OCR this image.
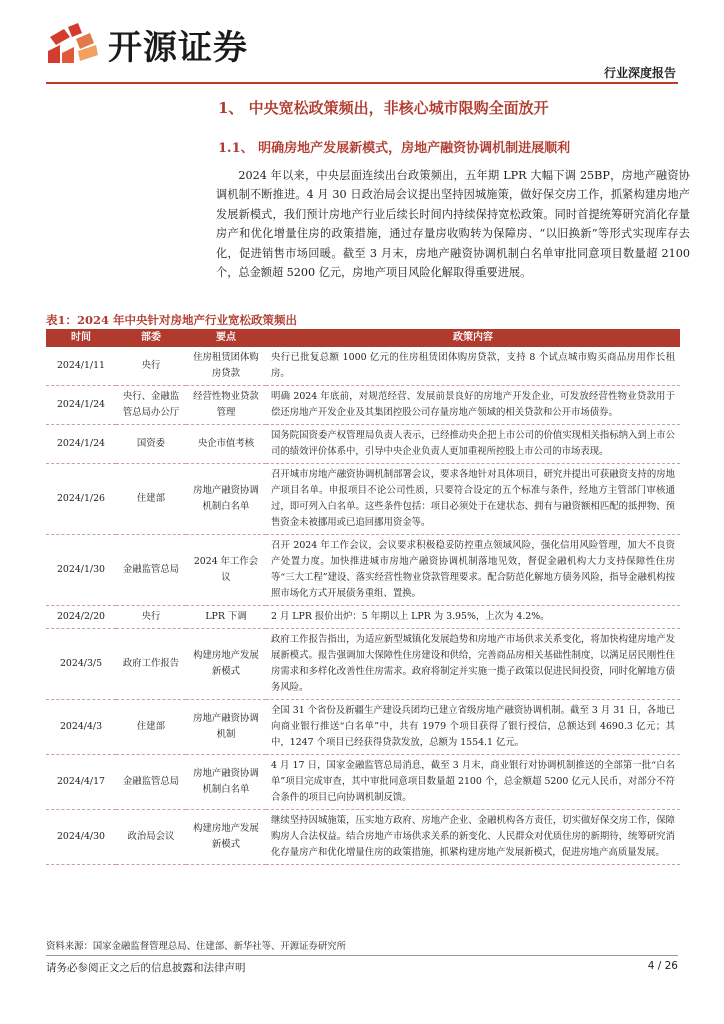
开源证券
行业深度报告
1、 中央宽松政策频出，非核心城市限购全面放开
1.1、 明确房地产发展新模式，房地产融资协调机制进展顺利

2024 年以来，中央层面连续出台政策频出，五年期 LPR 大幅下调 25BP，房地产融资协调机制不断推进。4 月 30 日政治局会议提出坚持因城施策，做好保交房工作，抓紧构建房地产发展新模式，我们预计房地产行业后续长时间内持续保持宽松政策。同时首提统筹研究消化存量房产和优化增量住房的政策措施，通过存量房收购转为保障房、“以旧换新”等形式实现库存去化，促进销售市场回暖。截至 3 月末，房地产融资协调机制白名单审批同意项目数量超 2100 个，总金额超 5200 亿元，房地产项目风险化解取得重要进展。

表1：2024 年中央针对房地产行业宽松政策频出
时间	部委	要点	政策内容
2024/1/11	央行	住房租赁团体购房贷款	央行已批复总额 1000 亿元的住房租赁团体购房贷款，支持 8 个试点城市购买商品房用作长租房。
2024/1/24	央行、金融监管总局办公厅	经营性物业贷款管理	明确 2024 年底前，对规范经营、发展前景良好的房地产开发企业，可发放经营性物业贷款用于偿还房地产开发企业及其集团控股公司存量房地产领域的相关贷款和公开市场债券。
2024/1/24	国资委	央企市值考核	国务院国资委产权管理局负责人表示，已经推动央企把上市公司的价值实现相关指标纳入到上市公司的绩效评价体系中，引导中央企业负责人更加重视所控股上市公司的市场表现。
2024/1/26	住建部	房地产融资协调机制白名单	召开城市房地产融资协调机制部署会议，要求各地针对具体项目，研究并提出可获融资支持的房地产项目名单。申报项目不论公司性质，只要符合设定的五个标准与条件，经地方主管部门审核通过，即可列入白名单。这些条件包括：项目必须处于在建状态、拥有与融资额相匹配的抵押物、预售资金未被挪用或已追回挪用资金等。
2024/1/30	金融监管总局	2024 年工作会议	召开 2024 年工作会议，会议要求积极稳妥防控重点领域风险，强化信用风险管理，加大不良资产处置力度。加快推进城市房地产融资协调机制落地见效，督促金融机构大力支持保障性住房等“三大工程”建设、落实经营性物业贷款管理要求。配合防范化解地方债务风险，指导金融机构按照市场化方式开展债务重组、置换。
2024/2/20	央行	LPR 下调	2 月 LPR 报价出炉：5 年期以上 LPR 为 3.95%，上次为 4.2%。
2024/3/5	政府工作报告	构建房地产发展新模式	政府工作报告指出，为适应新型城镇化发展趋势和房地产市场供求关系变化，将加快构建房地产发展新模式。报告强调加大保障性住房建设和供给，完善商品房相关基础性制度，以满足居民刚性住房需求和多样化改善性住房需求。政府将制定并实施一揽子政策以促进民间投资，同时化解地方债务风险。
2024/4/3	住建部	房地产融资协调机制	全国 31 个省份及新疆生产建设兵团均已建立省级房地产融资协调机制。截至 3 月 31 日，各地已向商业银行推送“白名单”中，共有 1979 个项目获得了银行授信，总额达到 4690.3 亿元；其中，1247 个项目已经获得贷款发放，总额为 1554.1 亿元。
2024/4/17	金融监管总局	房地产融资协调机制白名单	4 月 17 日，国家金融监管总局消息，截至 3 月末，商业银行对协调机制推送的全部第一批“白名单”项目完成审查，其中审批同意项目数量超 2100 个，总金额超 5200 亿元人民币，对部分不符合条件的项目已向协调机制反馈。
2024/4/30	政治局会议	构建房地产发展新模式	继续坚持因城施策，压实地方政府、房地产企业、金融机构各方责任，切实做好保交房工作，保障购房人合法权益。结合房地产市场供求关系的新变化、人民群众对优质住房的新期待，统筹研究消化存量房产和优化增量住房的政策措施，抓紧构建房地产发展新模式，促进房地产高质量发展。
资料来源：国家金融监督管理总局、住建部、新华社等、开源证券研究所
请务必参阅正文之后的信息披露和法律声明	4 / 26
